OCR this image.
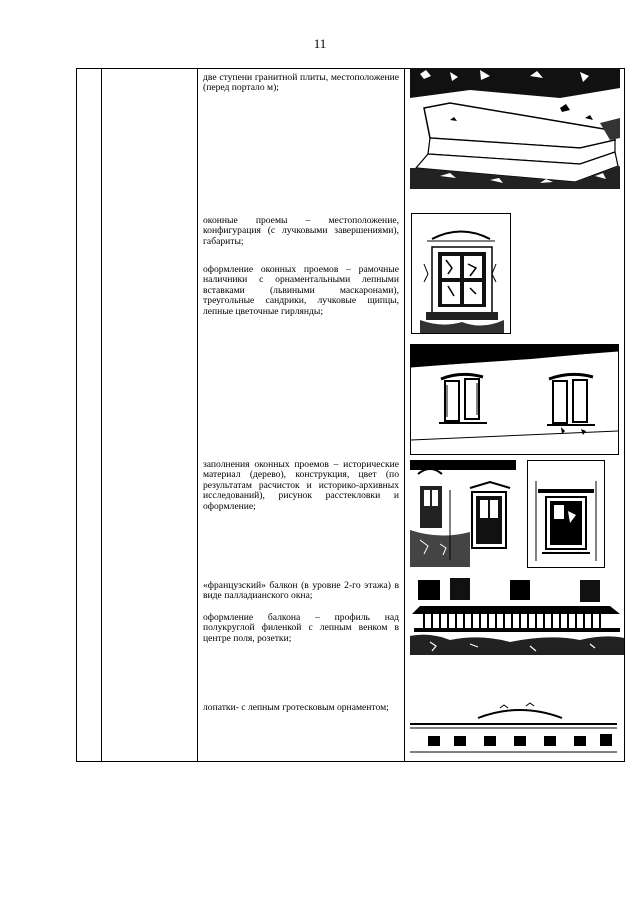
11
две ступени гранитной плиты, местоположение (перед портало м);
оконные проемы – местоположение, конфигурация (с лучковыми завершениями), габариты;
оформление оконных проемов – рамочные наличники с орнаментальными лепными вставками (львиными маскаронами), треугольные сандрики, лучковые щипцы, лепные цветочные гирлянды;
заполнения оконных проемов – исторические материал (дерево), конструкция, цвет (по результатам расчисток и историко-архивных исследований), рисунок расстекловки и оформление;
«французский» балкон (в уровне 2-го этажа) в виде палладианского окна;
оформление балкона – профиль над полукруглой филенкой с лепным венком в центре поля, розетки;
лопатки- с лепным гротесковым орнаментом;
